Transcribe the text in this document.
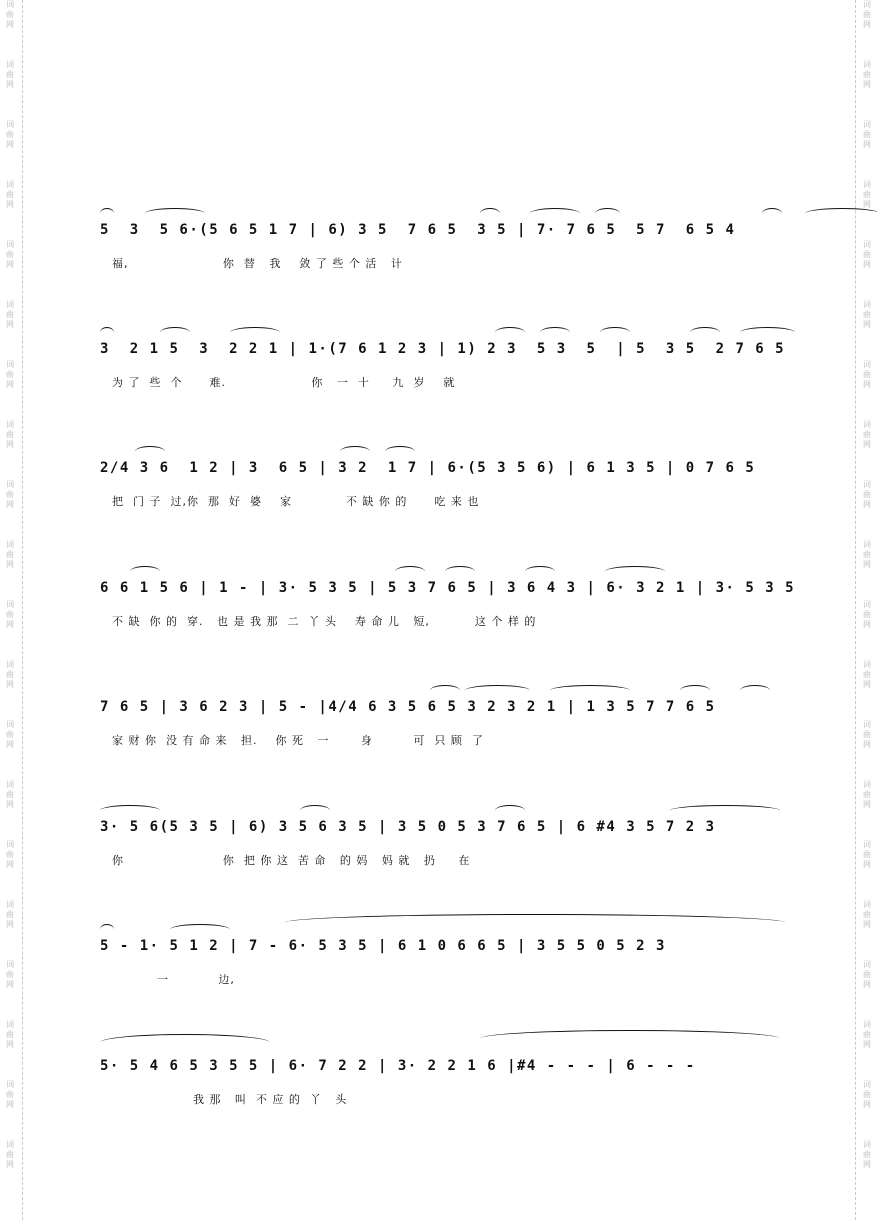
词曲网
词曲网
词曲网
词曲网
词曲网
词曲网
词曲网
词曲网
词曲网
词曲网
词曲网
词曲网
词曲网
词曲网
词曲网
词曲网
词曲网
词曲网
词曲网
词曲网
词曲网
词曲网
词曲网
词曲网
词曲网
词曲网
词曲网
词曲网
词曲网
词曲网
词曲网
词曲网
词曲网
词曲网
词曲网
词曲网
词曲网
词曲网
词曲网
词曲网
5  3  5 6·(5 6 5 1 7 | 6) 3 5  7 6 5  3 5 | 7· 7 6 5  5 7  6 5 4
福,                     你  替   我    敛 了 些 个 活   计
3  2 1 5  3  2 2 1 | 1·(7 6 1 2 3 | 1) 2 3  5 3  5  | 5  3 5  2 7 6 5
为 了  些  个      难.                   你   一  十     九  岁    就
2/4 3 6  1 2 | 3  6 5 | 3 2  1 7 | 6·(5 3 5 6) | 6 1 3 5 | 0 7 6 5
把  门 子  过,你  那  好  婆    家            不 缺 你 的      吃 来 也
6 6 1 5 6 | 1 - | 3· 5 3 5 | 5 3 7 6 5 | 3 6 4 3 | 6· 3 2 1 | 3· 5 3 5
不 缺  你 的  穿.   也 是 我 那  二  丫 头    寿 命 儿   短,          这 个 样 的
7 6 5 | 3 6 2 3 | 5 - |4/4 6 3 5 6 5 3 2 3 2 1 | 1 3 5 7 7 6 5
家 财 你  没 有 命 来   担.    你 死   一       身         可  只 顾  了
3· 5 6(5 3 5 | 6) 3 5 6 3 5 | 3 5 0 5 3 7 6 5 | 6 #4 3 5 7 2 3
你                      你  把 你 这  苦 命   的 妈   妈 就   扔     在
5 - 1· 5 1 2 | 7 - 6· 5 3 5 | 6 1 0 6 6 5 | 3 5 5 0 5 2 3
一           边,
5· 5 4 6 5 3 5 5 | 6· 7 2 2 | 3· 2 2 1 6 |#4 - - - | 6 - - -
我 那   叫  不 应 的  丫   头
